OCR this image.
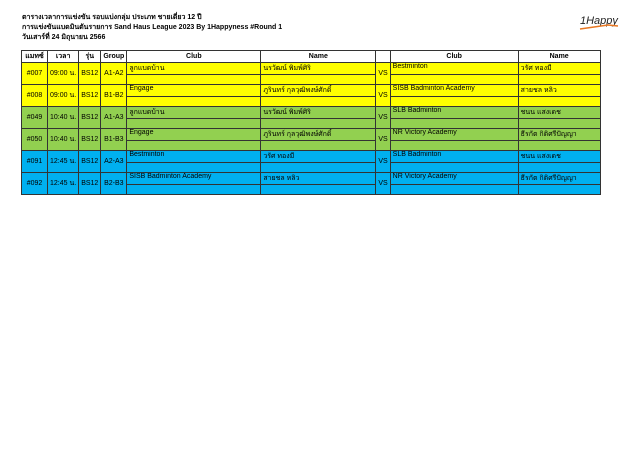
ตารางเวลาการแข่งขัน รอบแบ่งกลุ่ม ประเภท ชายเดี่ยว 12 ปี
การแข่งขันแบดมินตันรายการ Sand Haus League 2023 By 1Happyness #Round 1
วันเสาร์ที่ 24 มิถุนายน 2566
1Happy
แมทซ์	เวลา	รุ่น	Group	Club	Name		Club	Name
#007	09:00 น.	BS12	A1-A2	ลูกแบดบ้าน	นรวัฒน์ พิมพ์ศิริ	VS	Bestminton	วรัศ ทองมี

#008	09:00 น.	BS12	B1-B2	Engage	ภูรินทร์ กุลวุฒิพงษ์ศักดิ์	VS	SISB Badminton Academy	สายชล หลิว

#049	10:40 น.	BS12	A1-A3	ลูกแบดบ้าน	นรวัฒน์ พิมพ์ศิริ	VS	SLB Badminton	ชนน แสงเดช

#050	10:40 น.	BS12	B1-B3	Engage	ภูรินทร์ กุลวุฒิพงษ์ศักดิ์	VS	NR Victory Academy	ธีรกัต กิติศรีปัญญา

#091	12:45 น.	BS12	A2-A3	Bestminton	วรัศ ทองมี	VS	SLB Badminton	ชนน แสงเดช

#092	12:45 น.	BS12	B2-B3	SISB Badminton Academy	สายชล หลิว	VS	NR Victory Academy	ธีรกัต กิติศรีปัญญา
